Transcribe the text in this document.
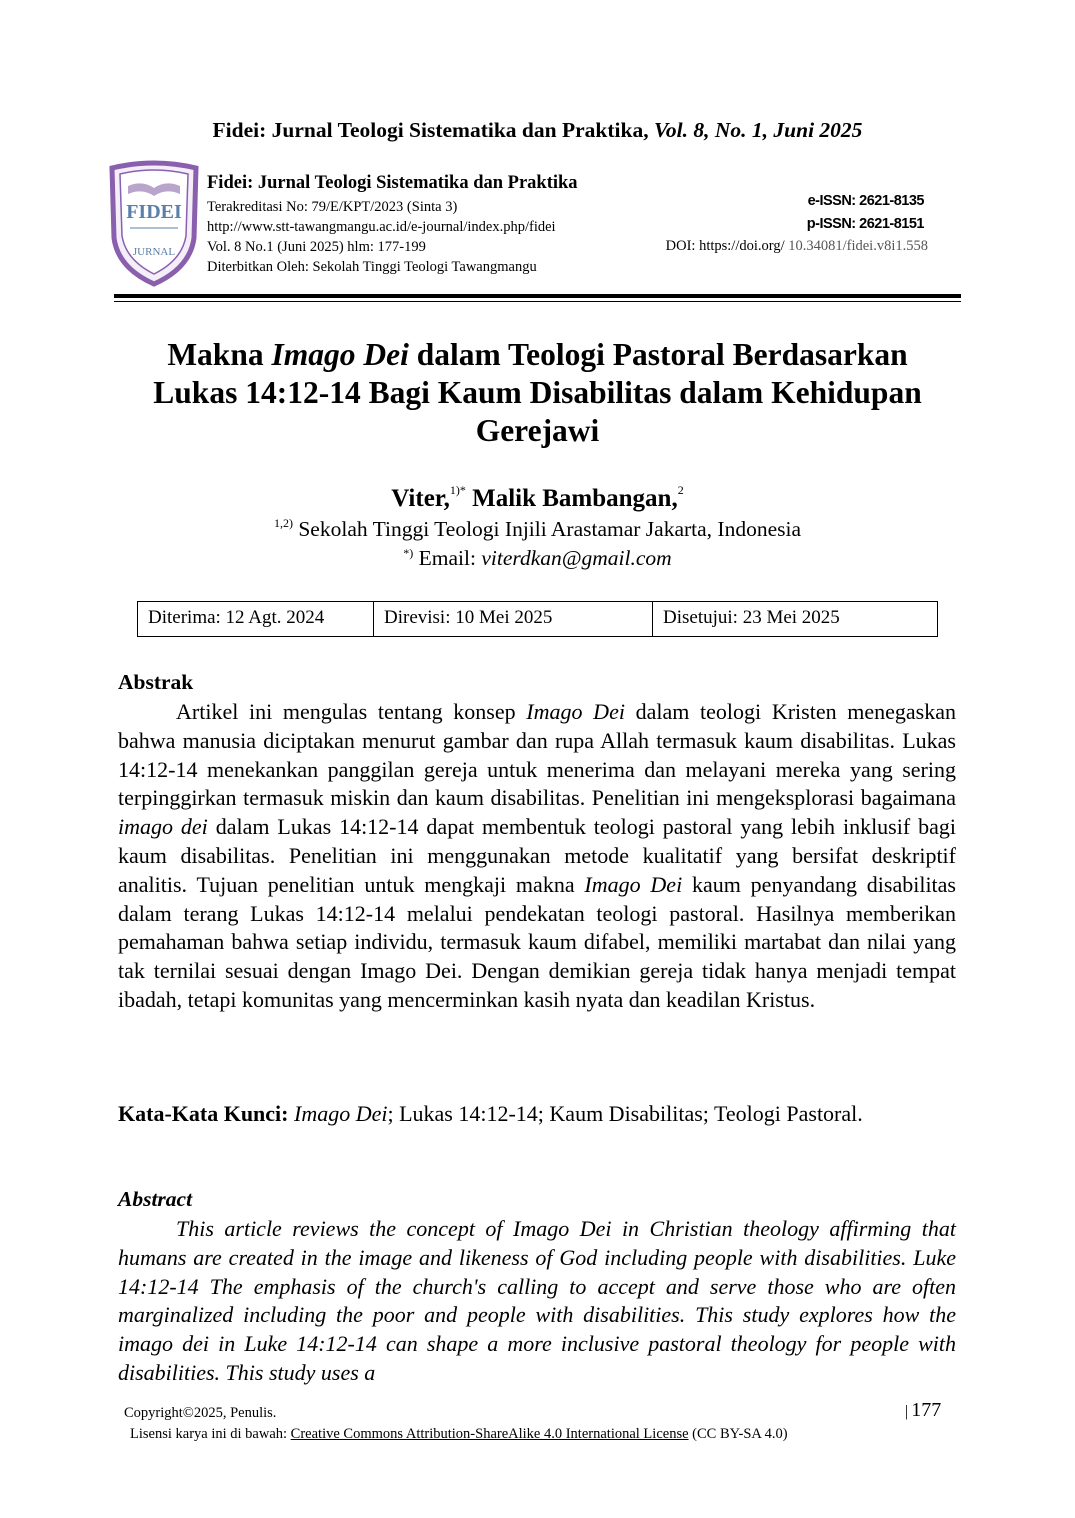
Fidei: Jurnal Teologi Sistematika dan Praktika, Vol. 8, No. 1, Juni 2025
FIDEI
JURNAL
Fidei: Jurnal Teologi Sistematika dan Praktika
Terakreditasi No: 79/E/KPT/2023 (Sinta 3)
http://www.stt-tawangmangu.ac.id/e-journal/index.php/fidei
Vol. 8 No.1 (Juni 2025) hlm: 177-199
Diterbitkan Oleh: Sekolah Tinggi Teologi Tawangmangu
e-ISSN: 2621-8135
p-ISSN: 2621-8151
DOI: https://doi.org/ 10.34081/fidei.v8i1.558
Makna Imago Dei dalam Teologi Pastoral Berdasarkan
Lukas 14:12-14 Bagi Kaum Disabilitas dalam Kehidupan
Gerejawi
Viter,$^{1)*}$ Malik Bambangan,$^2$
$^{1,2)}$ Sekolah Tinggi Teologi Injili Arastamar Jakarta, Indonesia
*) Email: viterdkan@gmail.com
Diterima: 12 Agt. 2024	Direvisi: 10 Mei 2025	Disetujui: 23 Mei 2025
Abstrak
Artikel ini mengulas tentang konsep Imago Dei dalam teologi Kristen menegaskan bahwa manusia diciptakan menurut gambar dan rupa Allah termasuk kaum disabilitas. Lukas 14:12-14 menekankan panggilan gereja untuk menerima dan melayani mereka yang sering terpinggirkan termasuk miskin dan kaum disabilitas. Penelitian ini mengeksplorasi bagaimana imago dei dalam Lukas 14:12-14 dapat membentuk teologi pastoral yang lebih inklusif bagi kaum disabilitas. Penelitian ini menggunakan metode kualitatif yang bersifat deskriptif analitis. Tujuan penelitian untuk mengkaji makna Imago Dei kaum penyandang disabilitas dalam terang Lukas 14:12-14 melalui pendekatan teologi pastoral. Hasilnya memberikan pemahaman bahwa setiap individu, termasuk kaum difabel, memiliki martabat dan nilai yang tak ternilai sesuai dengan Imago Dei. Dengan demikian gereja tidak hanya menjadi tempat ibadah, tetapi komunitas yang mencerminkan kasih nyata dan keadilan Kristus.
Kata-Kata Kunci: Imago Dei; Lukas 14:12-14; Kaum Disabilitas; Teologi Pastoral.
Abstract
This article reviews the concept of Imago Dei in Christian theology affirming that humans are created in the image and likeness of God including people with disabilities. Luke 14:12-14 The emphasis of the church's calling to accept and serve those who are often marginalized including the poor and people with disabilities. This study explores how the imago dei in Luke 14:12-14 can shape a more inclusive pastoral theology for people with disabilities. This study uses a
Copyright©2025, Penulis.
Lisensi karya ini di bawah: Creative Commons Attribution-ShareAlike 4.0 International License (CC BY-SA 4.0)
| 177
